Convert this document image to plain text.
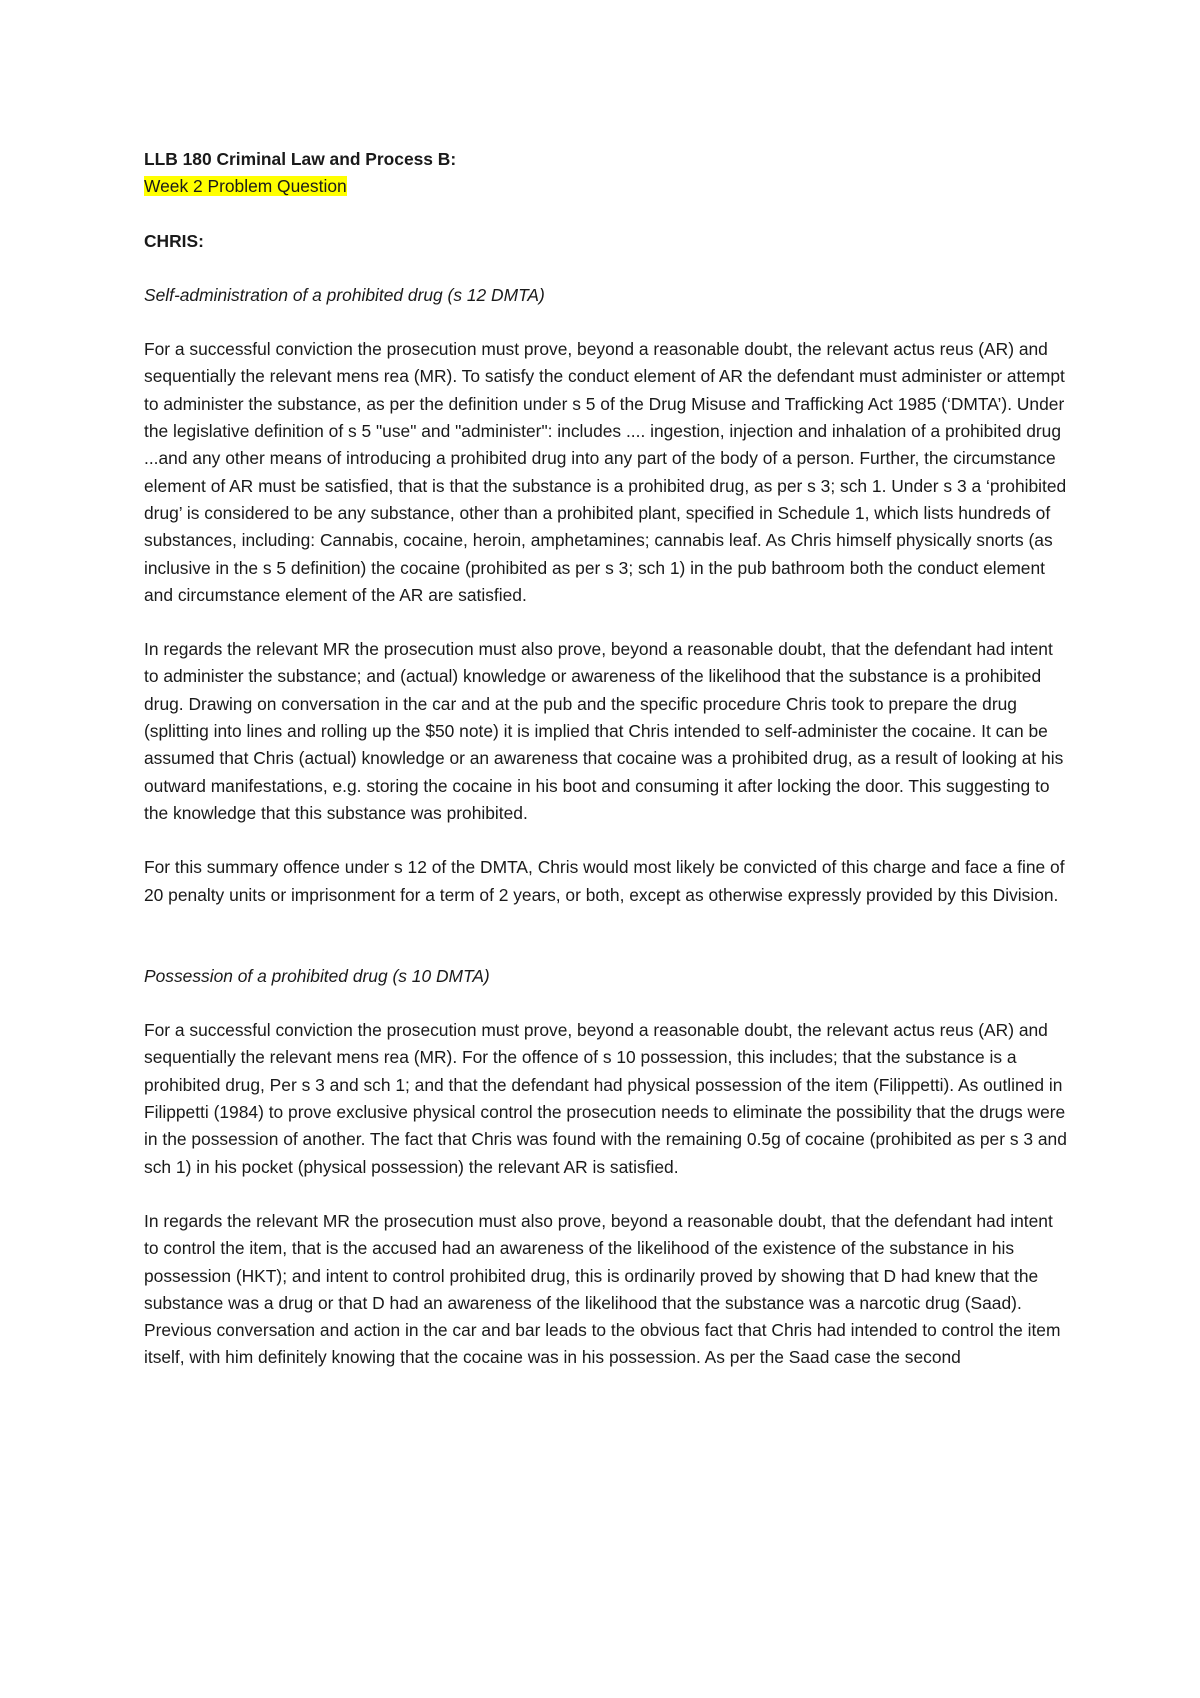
LLB 180 Criminal Law and Process B:
Week 2 Problem Question
CHRIS:
Self-administration of a prohibited drug (s 12 DMTA)

For a successful conviction the prosecution must prove, beyond a reasonable doubt, the relevant actus reus (AR) and sequentially the relevant mens rea (MR). To satisfy the conduct element of AR the defendant must administer or attempt to administer the substance, as per the definition under s 5 of the Drug Misuse and Trafficking Act 1985 (‘DMTA’). Under the legislative definition of s 5 "use" and "administer": includes .... ingestion, injection and inhalation of a prohibited drug ...and any other means of introducing a prohibited drug into any part of the body of a person. Further, the circumstance element of AR must be satisfied, that is that the substance is a prohibited drug, as per s 3; sch 1. Under s 3 a ‘prohibited drug’ is considered to be any substance, other than a prohibited plant, specified in Schedule 1, which lists hundreds of substances, including: Cannabis, cocaine, heroin, amphetamines; cannabis leaf. As Chris himself physically snorts (as inclusive in the s 5 definition) the cocaine (prohibited as per s 3; sch 1) in the pub bathroom both the conduct element and circumstance element of the AR are satisfied.

In regards the relevant MR the prosecution must also prove, beyond a reasonable doubt, that the defendant had intent to administer the substance; and (actual) knowledge or awareness of the likelihood that the substance is a prohibited drug. Drawing on conversation in the car and at the pub and the specific procedure Chris took to prepare the drug (splitting into lines and rolling up the $50 note) it is implied that Chris intended to self-administer the cocaine. It can be assumed that Chris (actual) knowledge or an awareness that cocaine was a prohibited drug, as a result of looking at his outward manifestations, e.g. storing the cocaine in his boot and consuming it after locking the door. This suggesting to the knowledge that this substance was prohibited.

For this summary offence under s 12 of the DMTA, Chris would most likely be convicted of this charge and face a fine of 20 penalty units or imprisonment for a term of 2 years, or both, except as otherwise expressly provided by this Division.

Possession of a prohibited drug (s 10 DMTA)

For a successful conviction the prosecution must prove, beyond a reasonable doubt, the relevant actus reus (AR) and sequentially the relevant mens rea (MR). For the offence of s 10 possession, this includes; that the substance is a prohibited drug, Per s 3 and sch 1; and that the defendant had physical possession of the item (Filippetti). As outlined in Filippetti (1984) to prove exclusive physical control the prosecution needs to eliminate the possibility that the drugs were in the possession of another. The fact that Chris was found with the remaining 0.5g of cocaine (prohibited as per s 3 and sch 1) in his pocket (physical possession) the relevant AR is satisfied.

In regards the relevant MR the prosecution must also prove, beyond a reasonable doubt, that the defendant had intent to control the item, that is the accused had an awareness of the likelihood of the existence of the substance in his possession (HKT); and intent to control prohibited drug, this is ordinarily proved by showing that D had knew that the substance was a drug or that D had an awareness of the likelihood that the substance was a narcotic drug (Saad). Previous conversation and action in the car and bar leads to the obvious fact that Chris had intended to control the item itself, with him definitely knowing that the cocaine was in his possession. As per the Saad case the second
